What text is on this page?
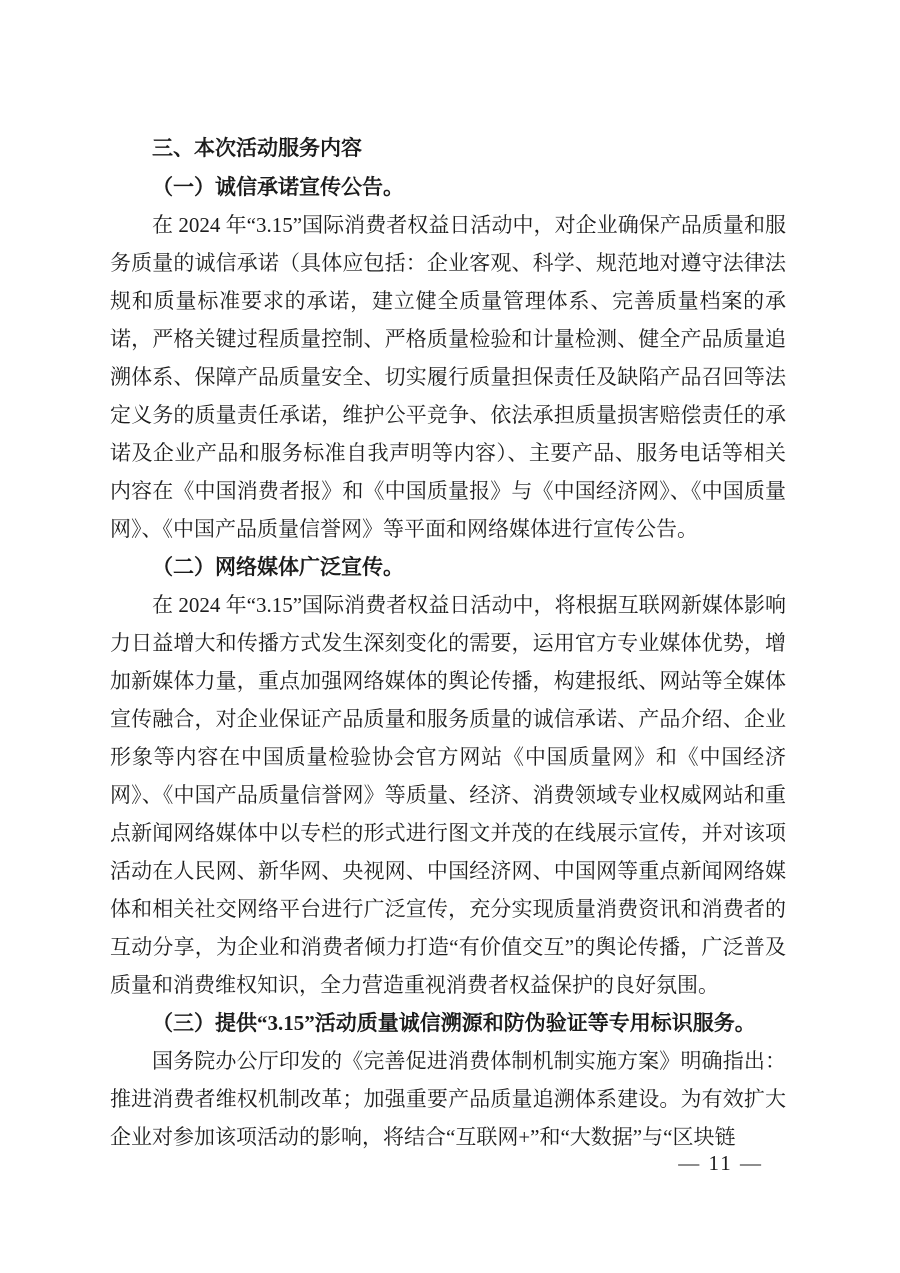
三、本次活动服务内容

（一）诚信承诺宣传公告。

在 2024 年“3.15”国际消费者权益日活动中，对企业确保产品质量和服务质量的诚信承诺（具体应包括：企业客观、科学、规范地对遵守法律法规和质量标准要求的承诺，建立健全质量管理体系、完善质量档案的承诺，严格关键过程质量控制、严格质量检验和计量检测、健全产品质量追溯体系、保障产品质量安全、切实履行质量担保责任及缺陷产品召回等法定义务的质量责任承诺，维护公平竞争、依法承担质量损害赔偿责任的承诺及企业产品和服务标准自我声明等内容）、主要产品、服务电话等相关内容在《中国消费者报》和《中国质量报》与《中国经济网》、《中国质量网》、《中国产品质量信誉网》等平面和网络媒体进行宣传公告。

（二）网络媒体广泛宣传。

在 2024 年“3.15”国际消费者权益日活动中，将根据互联网新媒体影响力日益增大和传播方式发生深刻变化的需要，运用官方专业媒体优势，增加新媒体力量，重点加强网络媒体的舆论传播，构建报纸、网站等全媒体宣传融合，对企业保证产品质量和服务质量的诚信承诺、产品介绍、企业形象等内容在中国质量检验协会官方网站《中国质量网》和《中国经济网》、《中国产品质量信誉网》等质量、经济、消费领域专业权威网站和重点新闻网络媒体中以专栏的形式进行图文并茂的在线展示宣传，并对该项活动在人民网、新华网、央视网、中国经济网、中国网等重点新闻网络媒体和相关社交网络平台进行广泛宣传，充分实现质量消费资讯和消费者的互动分享，为企业和消费者倾力打造“有价值交互”的舆论传播，广泛普及质量和消费维权知识，全力营造重视消费者权益保护的良好氛围。

（三）提供“3.15”活动质量诚信溯源和防伪验证等专用标识服务。

国务院办公厅印发的《完善促进消费体制机制实施方案》明确指出：推进消费者维权机制改革；加强重要产品质量追溯体系建设。为有效扩大企业对参加该项活动的影响，将结合“互联网+”和“大数据”与“区块链

— 11 —
